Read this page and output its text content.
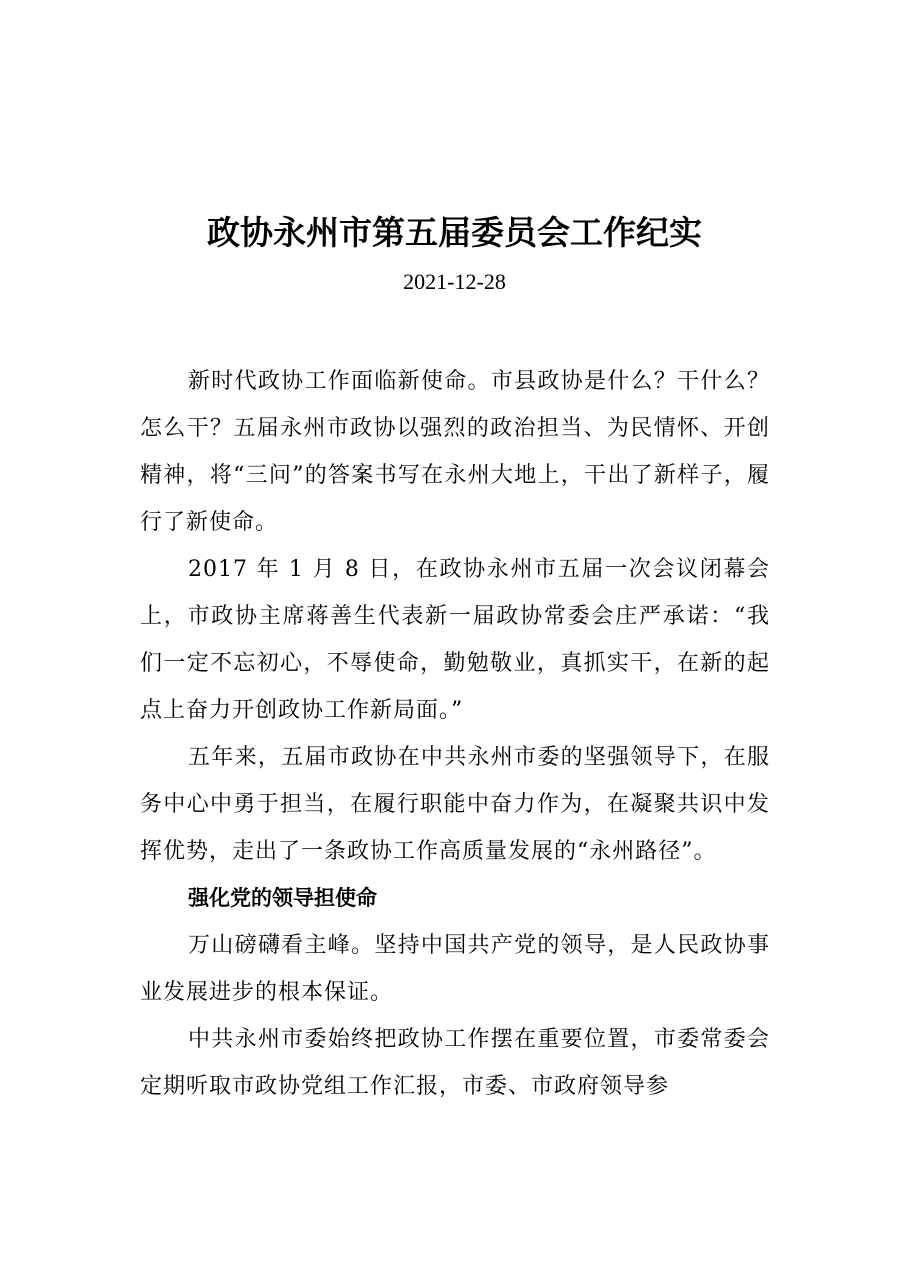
政协永州市第五届委员会工作纪实
2021-12-28

新时代政协工作面临新使命。市县政协是什么？干什么？怎么干？五届永州市政协以强烈的政治担当、为民情怀、开创精神，将“三问”的答案书写在永州大地上，干出了新样子，履行了新使命。

2017 年 1 月 8 日，在政协永州市五届一次会议闭幕会上，市政协主席蒋善生代表新一届政协常委会庄严承诺：“我们一定不忘初心，不辱使命，勤勉敬业，真抓实干，在新的起点上奋力开创政协工作新局面。”

五年来，五届市政协在中共永州市委的坚强领导下，在服务中心中勇于担当，在履行职能中奋力作为，在凝聚共识中发挥优势，走出了一条政协工作高质量发展的“永州路径”。

强化党的领导担使命

万山磅礴看主峰。坚持中国共产党的领导，是人民政协事业发展进步的根本保证。

中共永州市委始终把政协工作摆在重要位置，市委常委会定期听取市政协党组工作汇报，市委、市政府领导参
